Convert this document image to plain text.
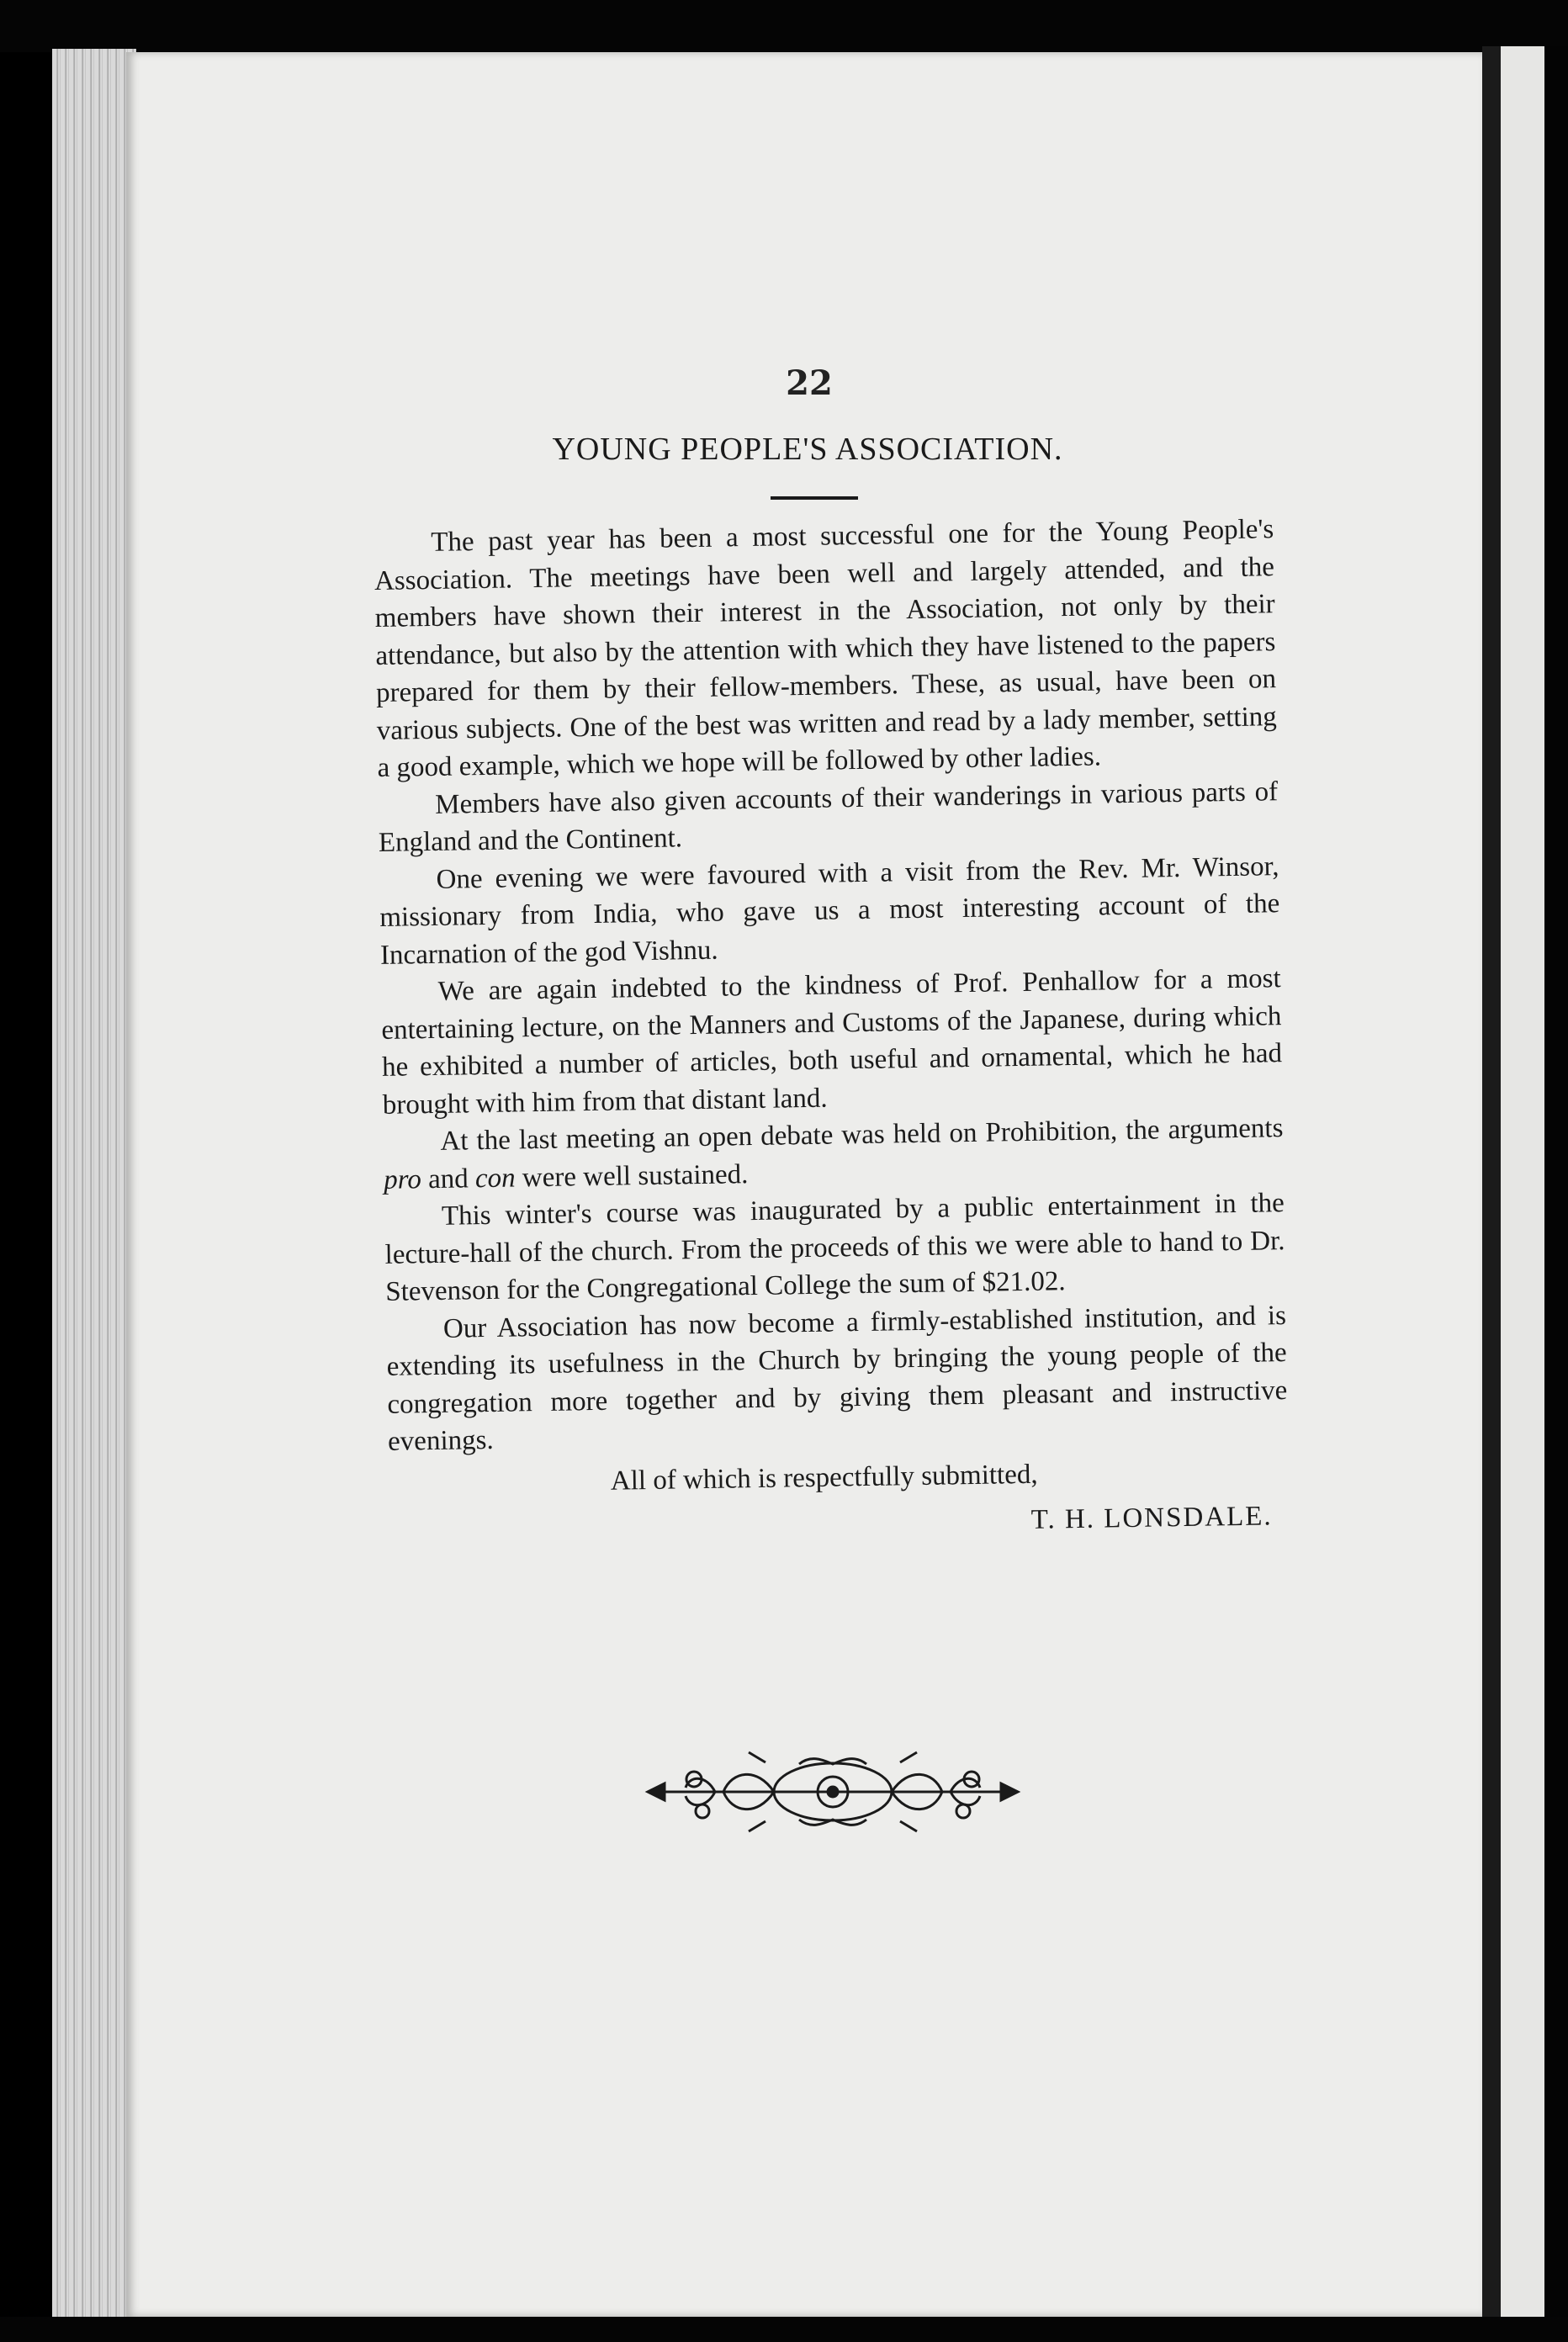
22
YOUNG PEOPLE'S ASSOCIATION.

The past year has been a most successful one for the Young People's Association. The meetings have been well and largely attended, and the members have shown their interest in the Association, not only by their attendance, but also by the attention with which they have listened to the papers prepared for them by their fellow-members. These, as usual, have been on various subjects. One of the best was written and read by a lady member, setting a good example, which we hope will be followed by other ladies.

Members have also given accounts of their wanderings in various parts of England and the Continent.

One evening we were favoured with a visit from the Rev. Mr. Winsor, missionary from India, who gave us a most interesting account of the Incarnation of the god Vishnu.

We are again indebted to the kindness of Prof. Penhallow for a most entertaining lecture, on the Manners and Customs of the Japanese, during which he exhibited a number of articles, both useful and ornamental, which he had brought with him from that distant land.

At the last meeting an open debate was held on Prohibition, the arguments pro and con were well sustained.

This winter's course was inaugurated by a public entertainment in the lecture-hall of the church. From the proceeds of this we were able to hand to Dr. Stevenson for the Congregational College the sum of $21.02.

Our Association has now become a firmly-established institution, and is extending its usefulness in the Church by bringing the young people of the congregation more together and by giving them pleasant and instructive evenings.

All of which is respectfully submitted,

T. H. LONSDALE.
